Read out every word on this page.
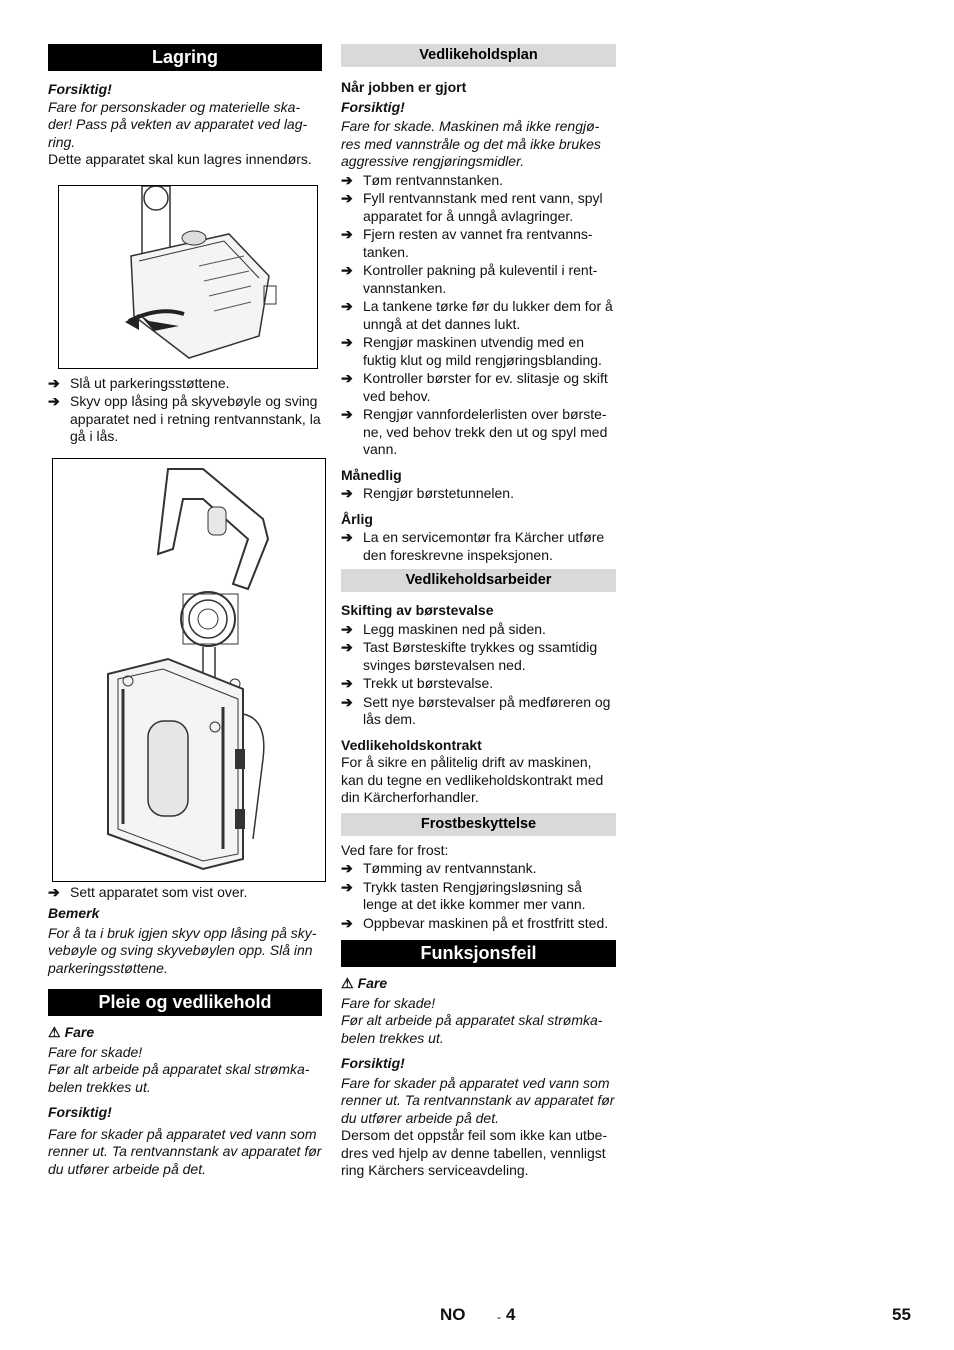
Lagring

Forsiktig!

Fare for personskader og materielle ska-der! Pass på vekten av apparatet ved lag-ring.

Dette apparatet skal kun lagres innendørs.

➔ Slå ut parkeringsstøttene.
➔ Skyv opp låsing på skyvebøyle og sving apparatet ned i retning rentvannstank, la gå i lås.
➔ Sett apparatet som vist over.

Bemerk

For å ta i bruk igjen skyv opp låsing på sky-vebøyle og sving skyvebøylen opp. Slå inn parkeringsstøttene.

Pleie og vedlikehold

⚠ Fare

Fare for skade!

Før alt arbeide på apparatet skal strømka-belen trekkes ut.

Forsiktig!

Fare for skader på apparatet ved vann som renner ut. Ta rentvannstank av apparatet før du utfører arbeide på det.

Vedlikeholdsplan

Når jobben er gjort

Forsiktig!

Fare for skade. Maskinen må ikke rengjø-res med vannstråle og det må ikke brukes aggressive rengjøringsmidler.

➔ Tøm rentvannstanken.
➔ Fyll rentvannstank med rent vann, spyl apparatet for å unngå avlagringer.
➔ Fjern resten av vannet fra rentvanns-tanken.
➔ Kontroller pakning på kuleventil i rent-vannstanken.
➔ La tankene tørke før du lukker dem for å unngå at det dannes lukt.
➔ Rengjør maskinen utvendig med en fuktig klut og mild rengjøringsblanding.
➔ Kontroller børster for ev. slitasje og skift ved behov.
➔ Rengjør vannfordelerlisten over børste-ne, ved behov trekk den ut og spyl med vann.

Månedlig

➔ Rengjør børstetunnelen.

Årlig

➔ La en servicemontør fra Kärcher utføre den foreskrevne inspeksjonen.
Vedlikeholdsarbeider

Skifting av børstevalse

➔ Legg maskinen ned på siden.
➔ Tast Børsteskifte trykkes og ssamtidig svinges børstevalsen ned.
➔ Trekk ut børstevalse.
➔ Sett nye børstevalser på medføreren og lås dem.

Vedlikeholdskontrakt

For å sikre en pålitelig drift av maskinen, kan du tegne en vedlikeholdskontrakt med din Kärcherforhandler.

Frostbeskyttelse

Ved fare for frost:

➔ Tømming av rentvannstank.
➔ Trykk tasten Rengjøringsløsning så lenge at det ikke kommer mer vann.
➔ Oppbevar maskinen på et frostfritt sted.
Funksjonsfeil

⚠ Fare

Fare for skade!

Før alt arbeide på apparatet skal strømka-belen trekkes ut.

Forsiktig!

Fare for skader på apparatet ved vann som renner ut. Ta rentvannstank av apparatet før du utfører arbeide på det.

Dersom det oppstår feil som ikke kan utbe-dres ved hjelp av denne tabellen, vennligst ring Kärchers serviceavdeling.

NO	- 4	55
